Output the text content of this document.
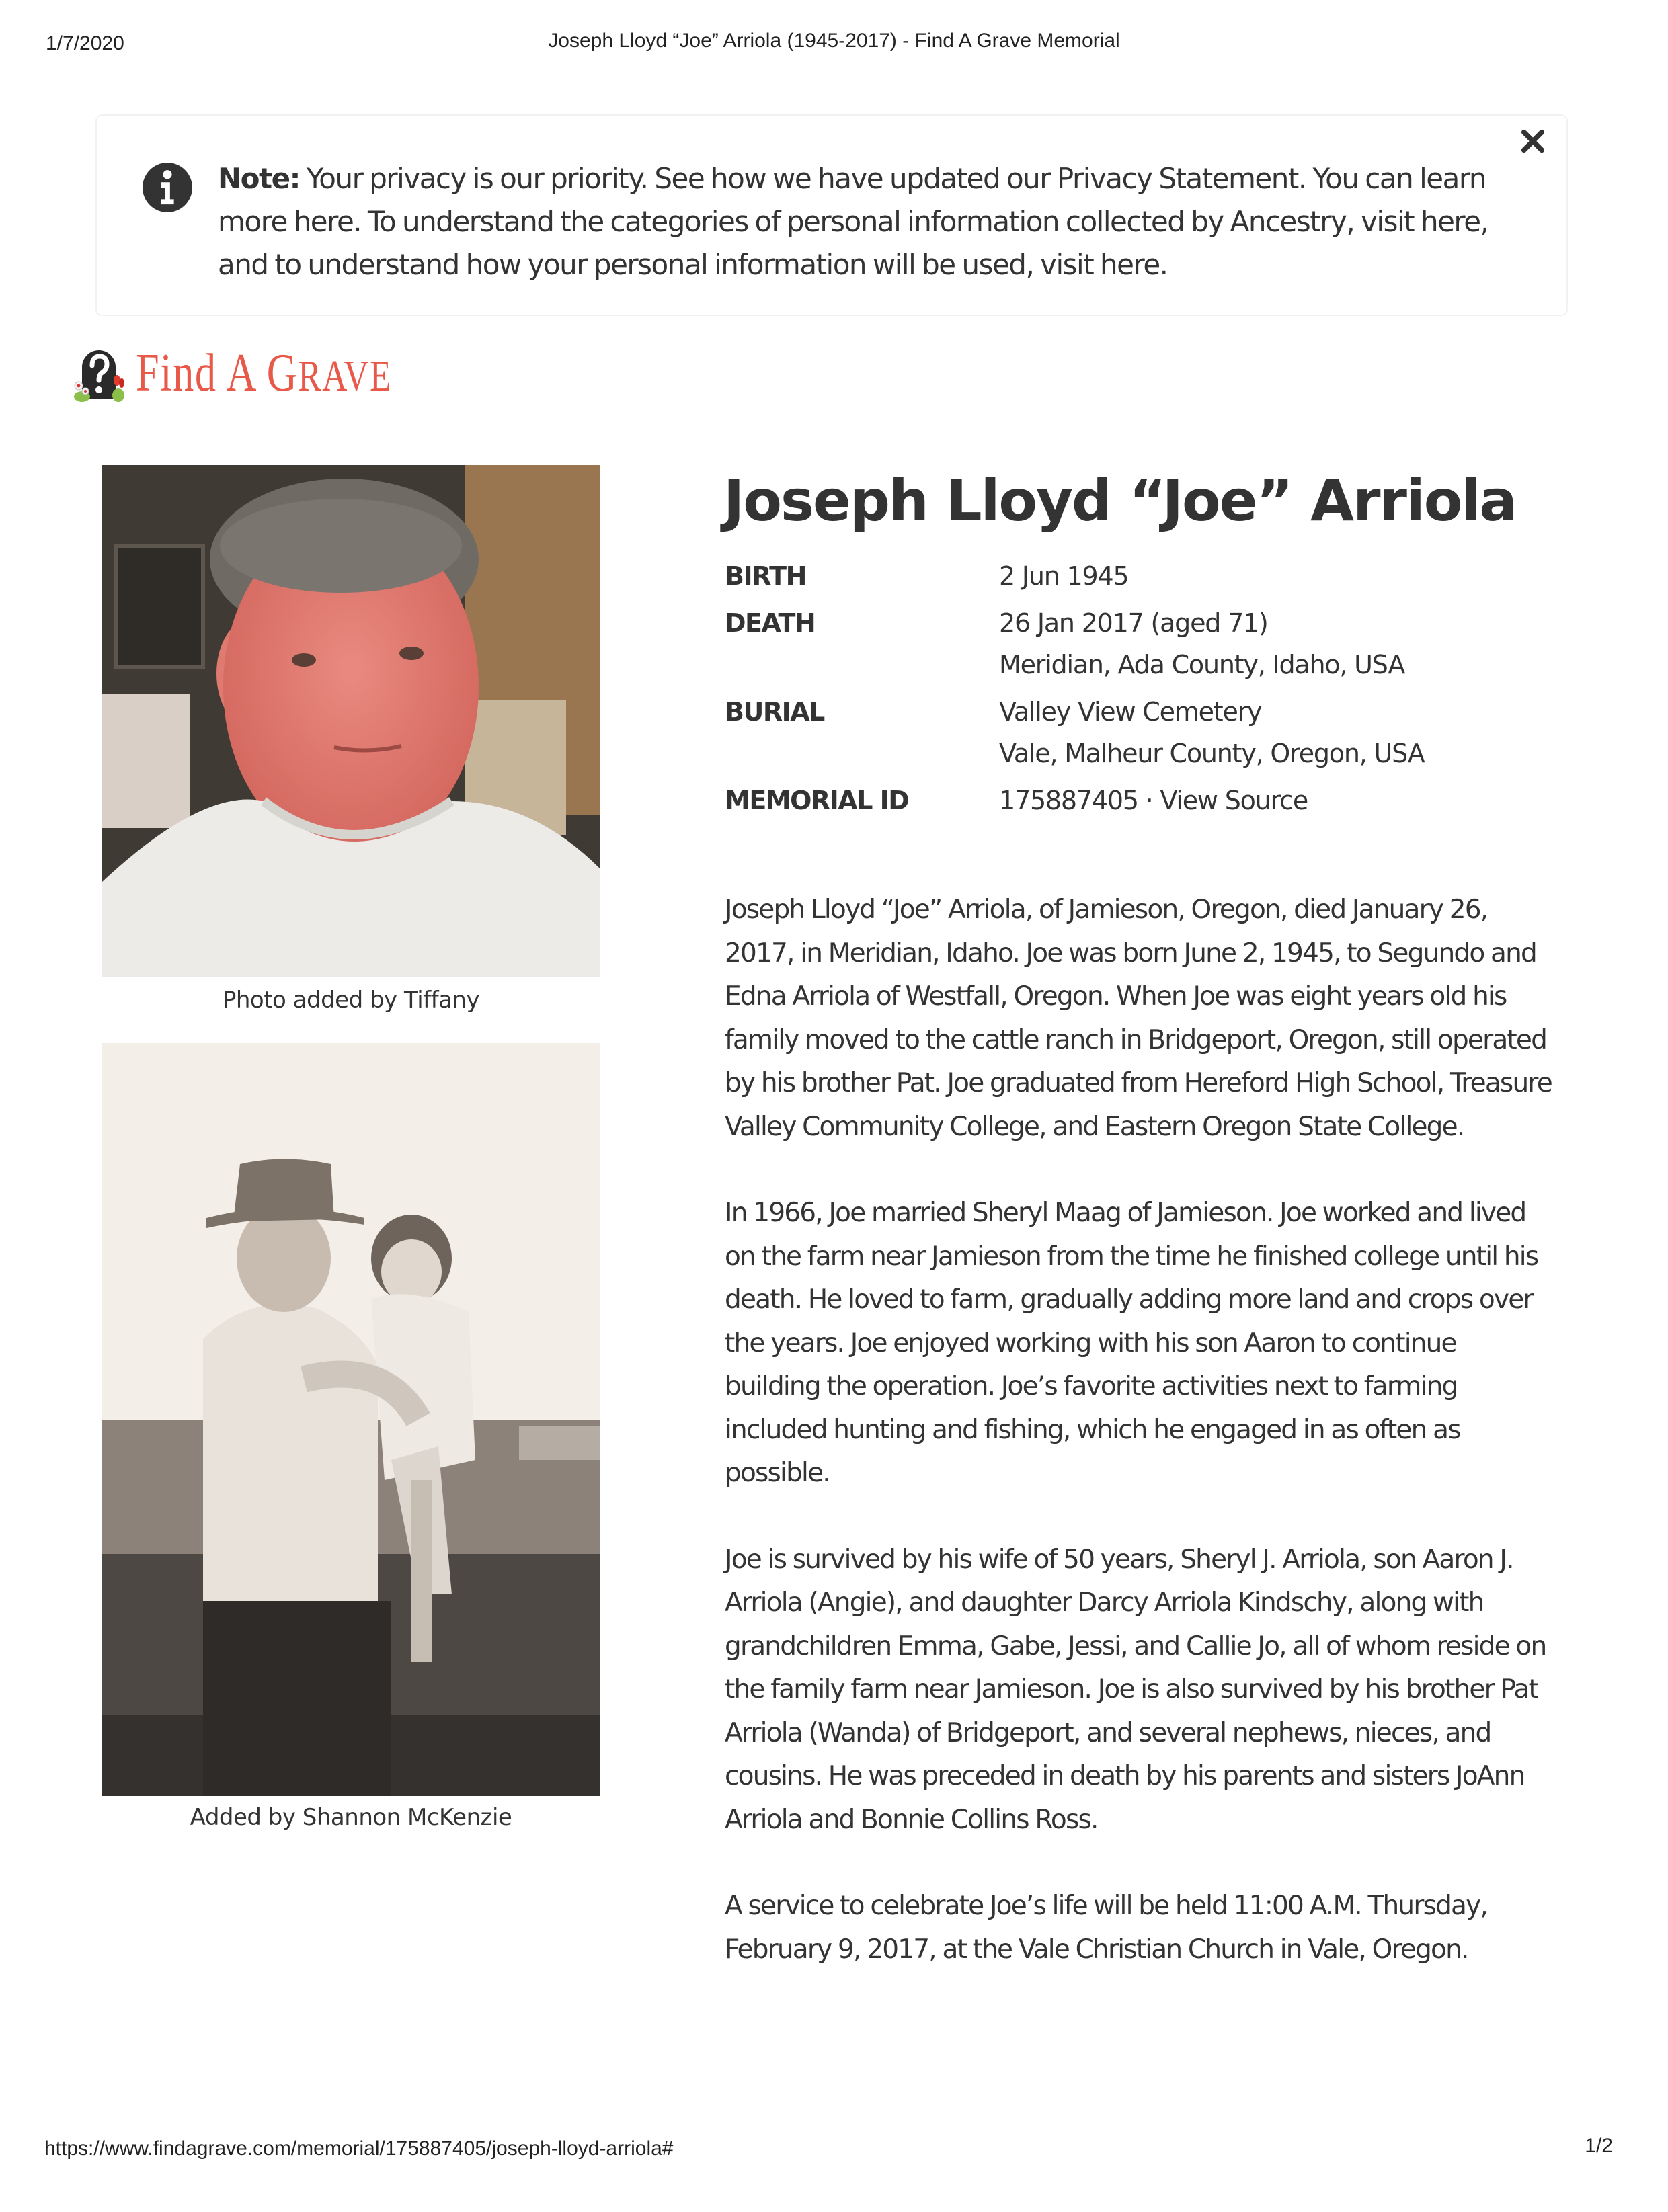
1/7/2020	Joseph Lloyd “Joe” Arriola (1945-2017) - Find A Grave Memorial
Note: Your privacy is our priority. See how we have updated our Privacy Statement. You can learn more here. To understand the categories of personal information collected by Ancestry, visit here, and to understand how your personal information will be used, visit here.
Find A GRAVE
Photo added by Tiffany
Added by Shannon McKenzie
Joseph Lloyd “Joe” Arriola
BIRTH	2 Jun 1945
DEATH	26 Jan 2017 (aged 71)
Meridian, Ada County, Idaho, USA
BURIAL	Valley View Cemetery
Vale, Malheur County, Oregon, USA
MEMORIAL ID	175887405 · View Source

Joseph Lloyd “Joe” Arriola, of Jamieson, Oregon, died January 26, 2017, in Meridian, Idaho. Joe was born June 2, 1945, to Segundo and Edna Arriola of Westfall, Oregon. When Joe was eight years old his family moved to the cattle ranch in Bridgeport, Oregon, still operated by his brother Pat. Joe graduated from Hereford High School, Treasure Valley Community College, and Eastern Oregon State College.

In 1966, Joe married Sheryl Maag of Jamieson. Joe worked and lived on the farm near Jamieson from the time he finished college until his death. He loved to farm, gradually adding more land and crops over the years. Joe enjoyed working with his son Aaron to continue building the operation. Joe’s favorite activities next to farming included hunting and fishing, which he engaged in as often as possible.

Joe is survived by his wife of 50 years, Sheryl J. Arriola, son Aaron J. Arriola (Angie), and daughter Darcy Arriola Kindschy, along with grandchildren Emma, Gabe, Jessi, and Callie Jo, all of whom reside on the family farm near Jamieson. Joe is also survived by his brother Pat Arriola (Wanda) of Bridgeport, and several nephews, nieces, and cousins. He was preceded in death by his parents and sisters JoAnn Arriola and Bonnie Collins Ross.

A service to celebrate Joe’s life will be held 11:00 A.M. Thursday, February 9, 2017, at the Vale Christian Church in Vale, Oregon.

https://www.findagrave.com/memorial/175887405/joseph-lloyd-arriola#	1/2
